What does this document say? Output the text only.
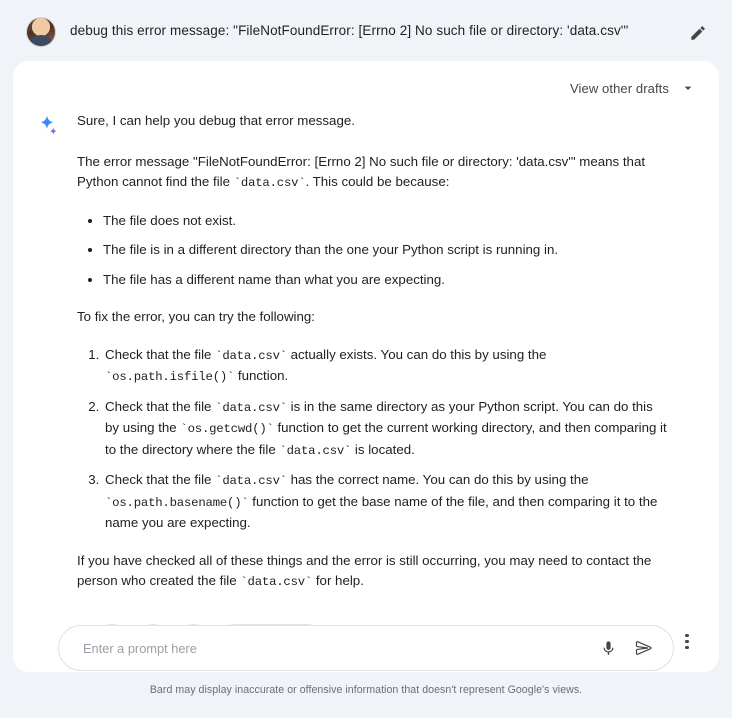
debug this error message: "FileNotFoundError: [Errno 2] No such file or directory: 'data.csv'"
View other drafts

Sure, I can help you debug that error message.

The error message "FileNotFoundError: [Errno 2] No such file or directory: 'data.csv'" means that Python cannot find the file `data.csv`. This could be because:

• The file does not exist.
• The file is in a different directory than the one your Python script is running in.
• The file has a different name than what you are expecting.

To fix the error, you can try the following:

1. Check that the file `data.csv` actually exists. You can do this by using the `os.path.isfile()` function.
2. Check that the file `data.csv` is in the same directory as your Python script. You can do this by using the `os.getcwd()` function to get the current working directory, and then comparing it to the directory where the file `data.csv` is located.
3. Check that the file `data.csv` has the correct name. You can do this by using the `os.path.basename()` function to get the base name of the file, and then comparing it to the name you are expecting.

If you have checked all of these things and the error is still occurring, you may need to contact the person who created the file `data.csv` for help.

Enter a prompt here
Bard may display inaccurate or offensive information that doesn't represent Google's views.
